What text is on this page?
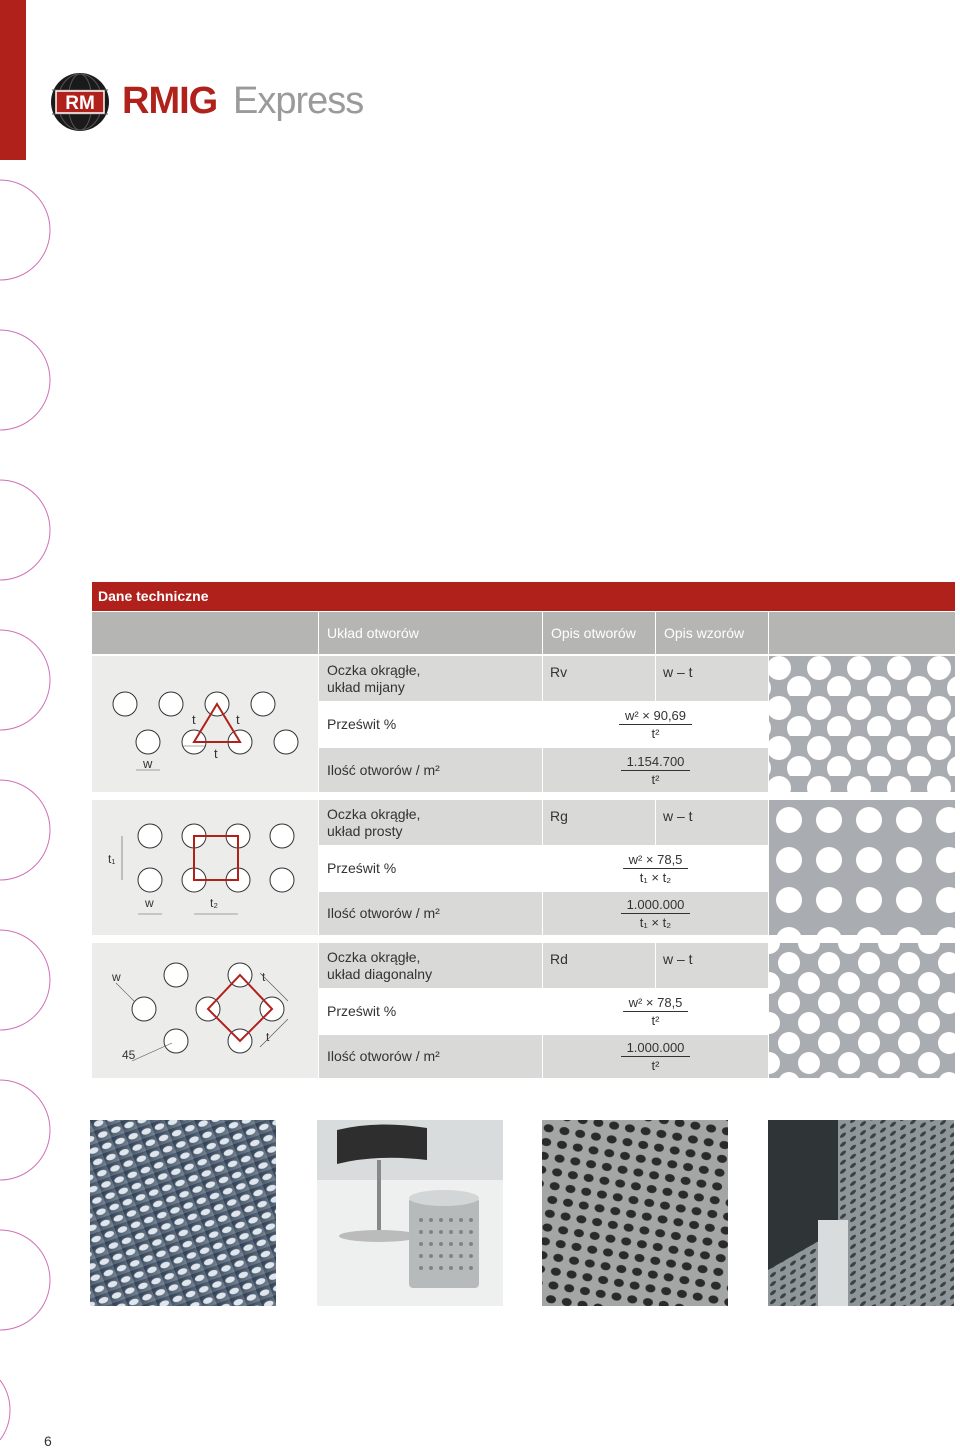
RM RMIG Express
Dane techniczne
Układ otworów	Opis otworów	Opis wzorów
w
t	t
t
Oczka okrągłe,
układ mijany
Rv	w – t
Prześwit %	$\frac{\text{w² × 90,69}}{\text{t²}}$
Ilość otworów / m²	$\frac{1.154.700}{\text{t²}}$
t₁
w	t₂
Oczka okrągłe,
układ prosty
Rg	w – t
Prześwit %	$\frac{\text{w² × 78,5}}{\text{t₁ × t₂}}$
Ilość otworów / m²	$\frac{1.000.000}{\text{t₁ × t₂}}$
w	t
t
45
Oczka okrągłe,
układ diagonalny
Rd	w – t
Prześwit %	$\frac{\text{w² × 78,5}}{\text{t²}}$
Ilość otworów / m²	$\frac{1.000.000}{\text{t²}}$
6
